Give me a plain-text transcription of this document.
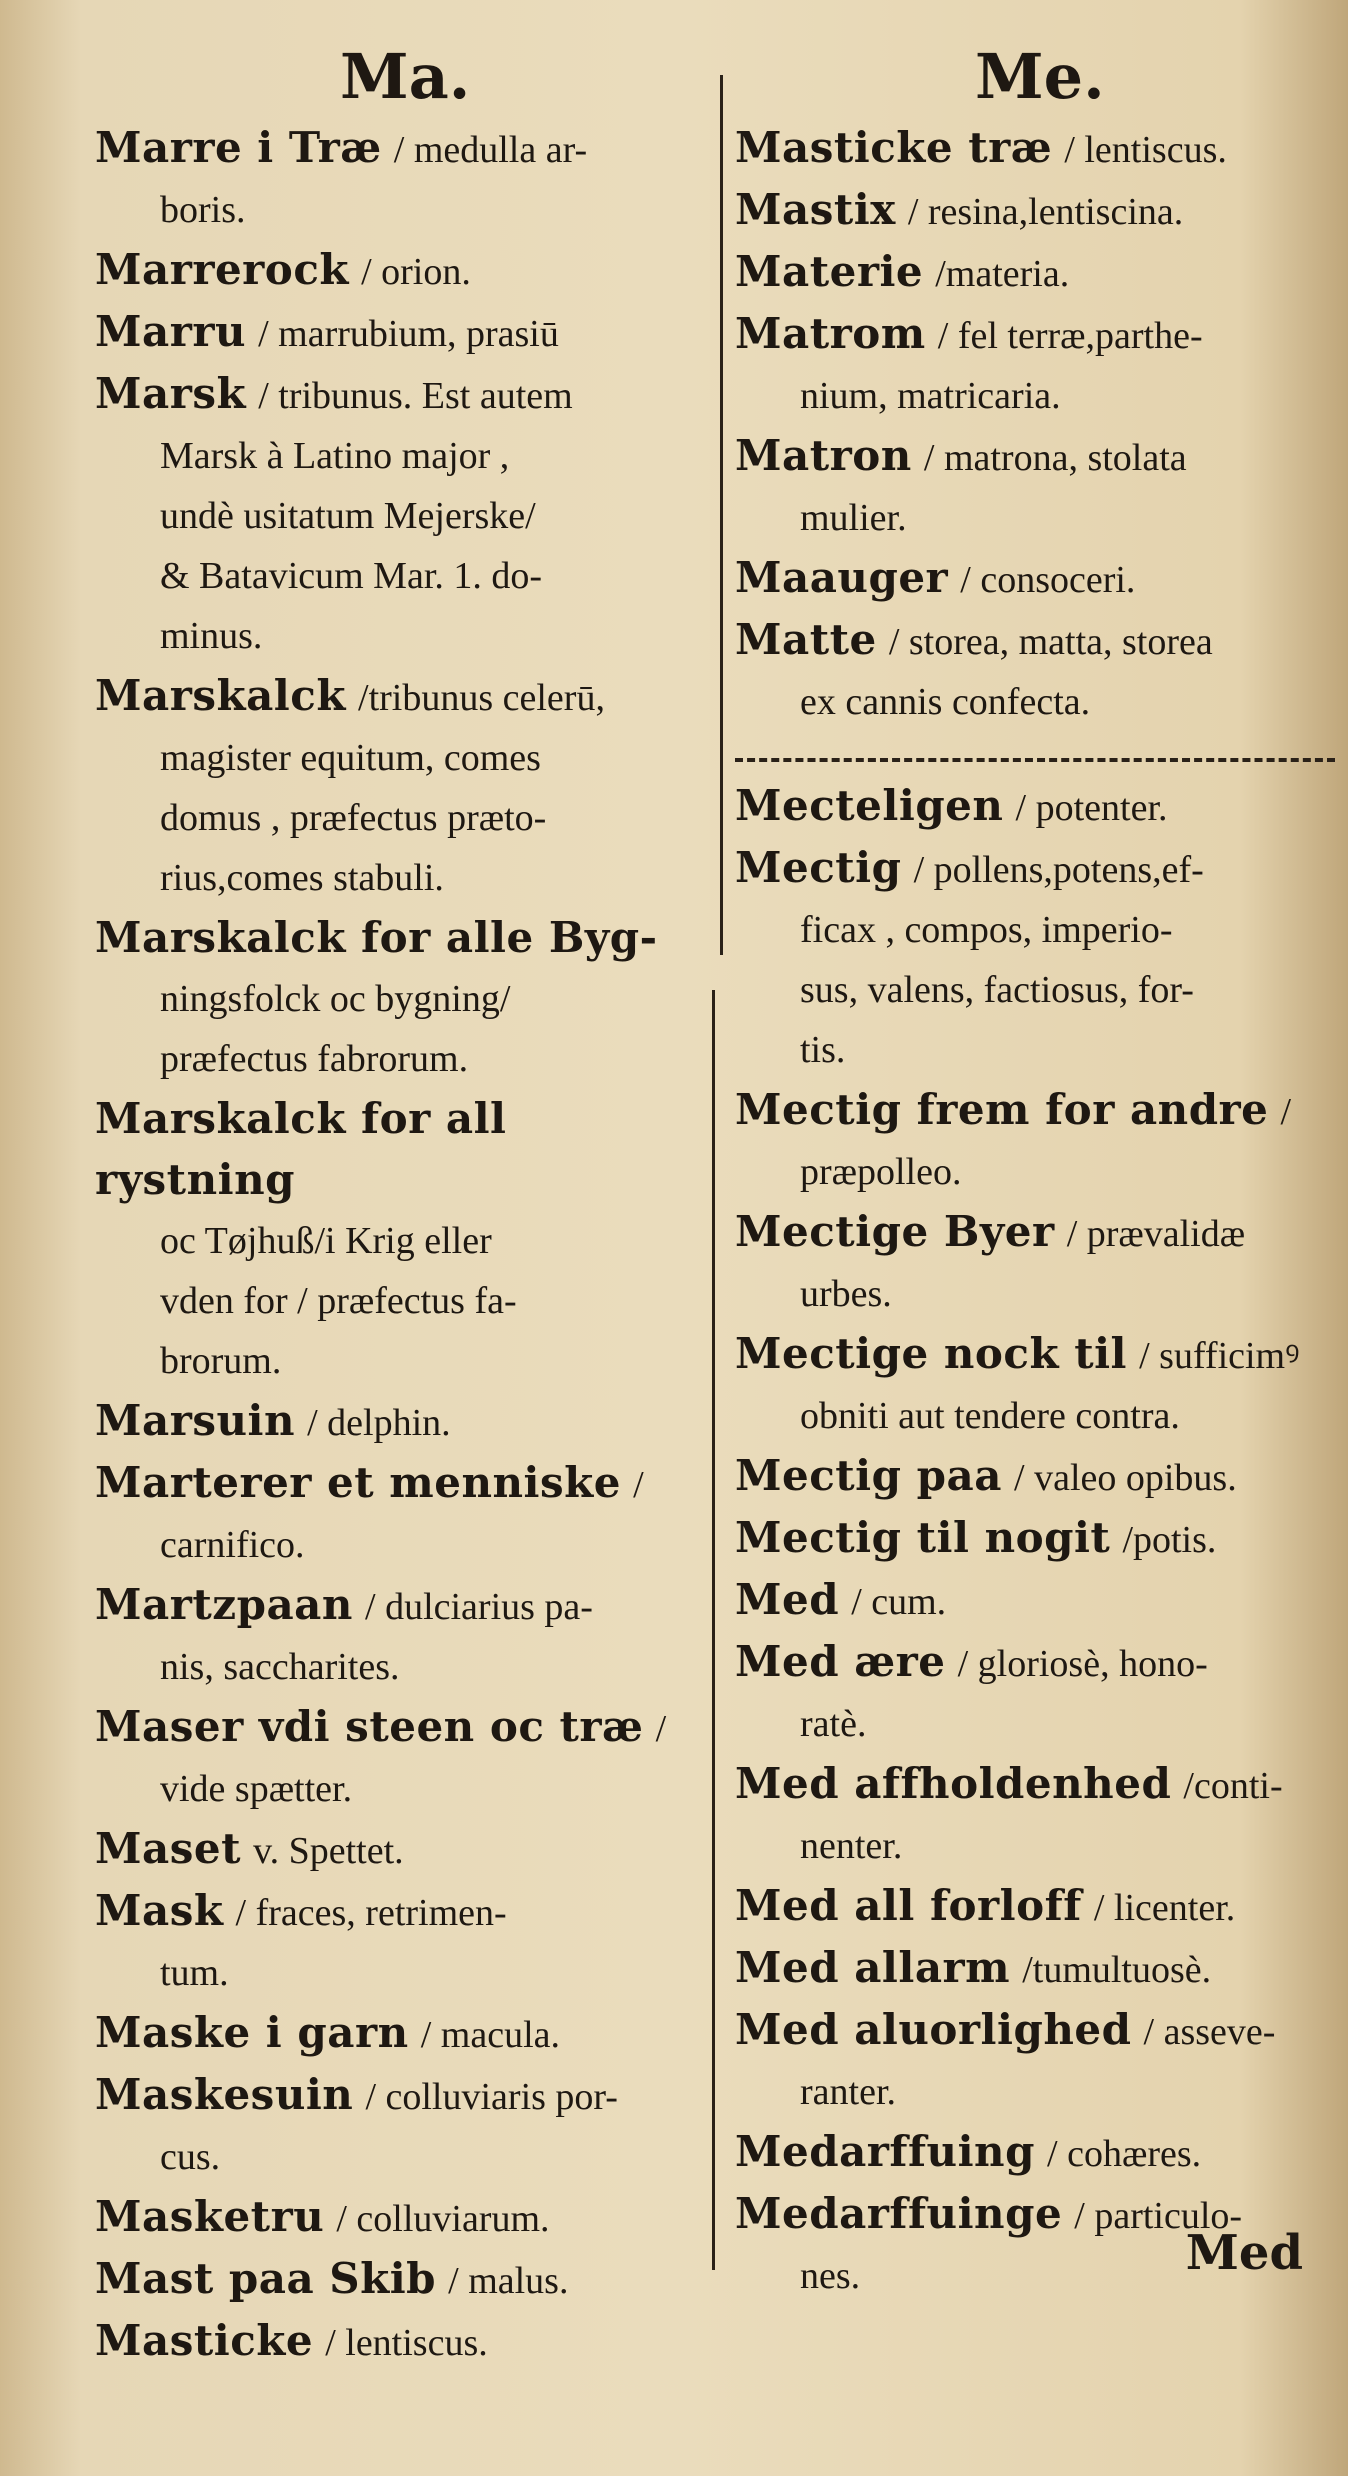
Ma.	Me.
Marre i Træ / medulla ar-
boris.
Marrerock / orion.
Marru / marrubium, prasiū
Marsk / tribunus. Est autem
Marsk à Latino major ,
undè usitatum Mejerske/
& Batavicum Mar. 1. do-
minus.
Marskalck /tribunus celerū,
magister equitum, comes
domus , præfectus præto-
rius,comes stabuli.
Marskalck for alle Byg-
ningsfolck oc bygning/
præfectus fabrorum.
Marskalck for all rystning
oc Tøjhuß/i Krig eller
vden for / præfectus fa-
brorum.
Marsuin / delphin.
Marterer et menniske /
carnifico.
Martzpaan / dulciarius pa-
nis, saccharites.
Maser vdi steen oc træ /
vide spætter.
Maset v. Spettet.
Mask / fraces, retrimen-
tum.
Maske i garn / macula.
Maskesuin / colluviaris por-
cus.
Masketru / colluviarum.
Mast paa Skib / malus.
Masticke / lentiscus.
Masticke træ / lentiscus.
Mastix / resina,lentiscina.
Materie /materia.
Matrom / fel terræ,parthe-
nium, matricaria.
Matron / matrona, stolata
mulier.
Maauger / consoceri.
Matte / storea, matta, storea
ex cannis confecta.
Mecteligen / potenter.
Mectig / pollens,potens,ef-
ficax , compos, imperio-
sus, valens, factiosus, for-
tis.
Mectig frem for andre /
præpolleo.
Mectige Byer / prævalidæ
urbes.
Mectige nock til / sufficimꝰ
obniti aut tendere contra.
Mectig paa / valeo opibus.
Mectig til nogit /potis.
Med / cum.
Med ære / gloriosè, hono-
ratè.
Med affholdenhed /conti-
nenter.
Med all forloff / licenter.
Med allarm /tumultuosè.
Med aluorlighed / asseve-
ranter.
Medarffuing / cohæres.
Medarffuinge / particulo-
nes.	Med
